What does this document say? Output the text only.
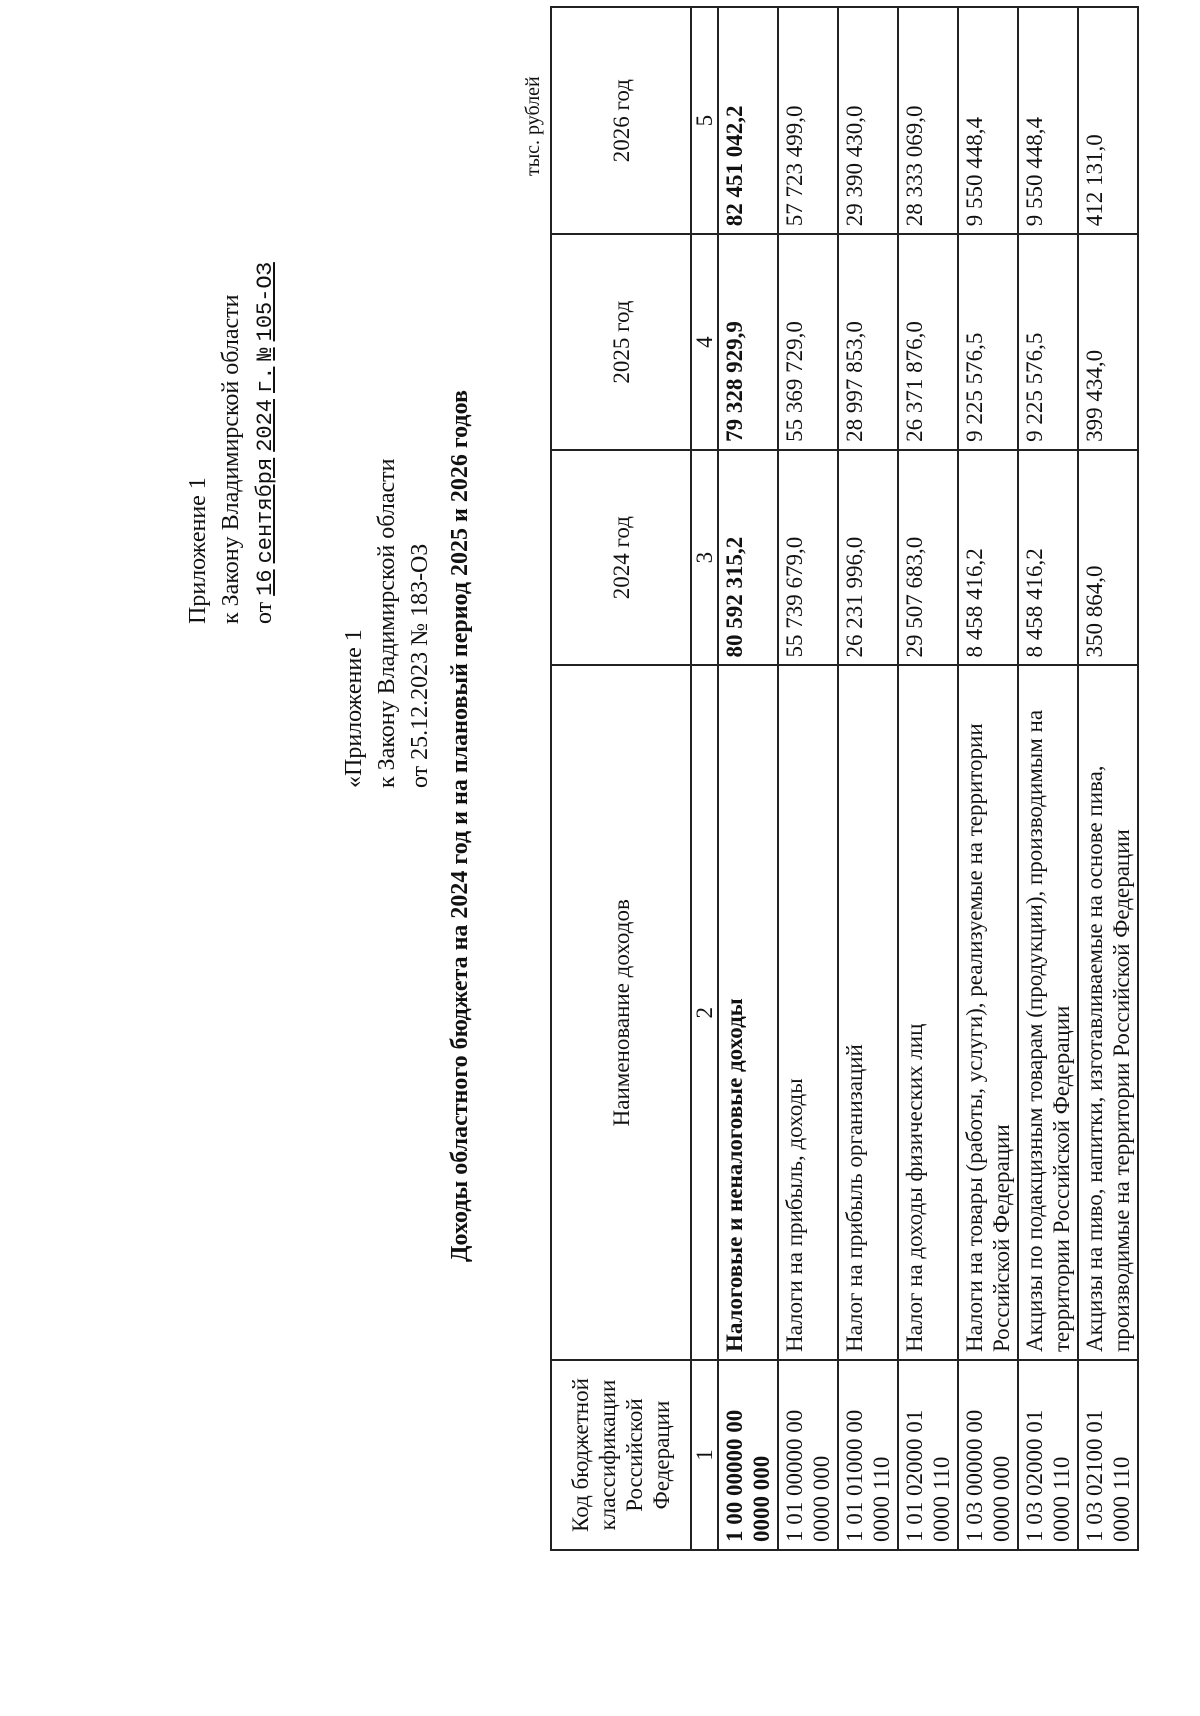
Приложение 1 к Закону Владимирской области от 16 сентября 2024 г. № 105-ОЗ
«Приложение 1 к Закону Владимирской области от 25.12.2023 № 183-ОЗ Доходы областного бюджета на 2024 год и на плановый период 2025 и 2026 годов
тыс. рублей
Код бюджетной классификации Российской Федерации	Наименование доходов	2024 год	2025 год	2026 год
1	2	3	4	5
1 00 00000 00 0000 000	Налоговые и неналоговые доходы	80 592 315,2	79 328 929,9	82 451 042,2
1 01 00000 00 0000 000	Налоги на прибыль, доходы	55 739 679,0	55 369 729,0	57 723 499,0
1 01 01000 00 0000 110	Налог на прибыль организаций	26 231 996,0	28 997 853,0	29 390 430,0
1 01 02000 01 0000 110	Налог на доходы физических лиц	29 507 683,0	26 371 876,0	28 333 069,0
1 03 00000 00 0000 000	Налоги на товары (работы, услуги), реализуемые на территории Российской Федерации	8 458 416,2	9 225 576,5	9 550 448,4
1 03 02000 01 0000 110	Акцизы по подакцизным товарам (продукции), производимым на территории Российской Федерации	8 458 416,2	9 225 576,5	9 550 448,4
1 03 02100 01 0000 110	Акцизы на пиво, напитки, изготавливаемые на основе пива, производимые на территории Российской Федерации	350 864,0	399 434,0	412 131,0
